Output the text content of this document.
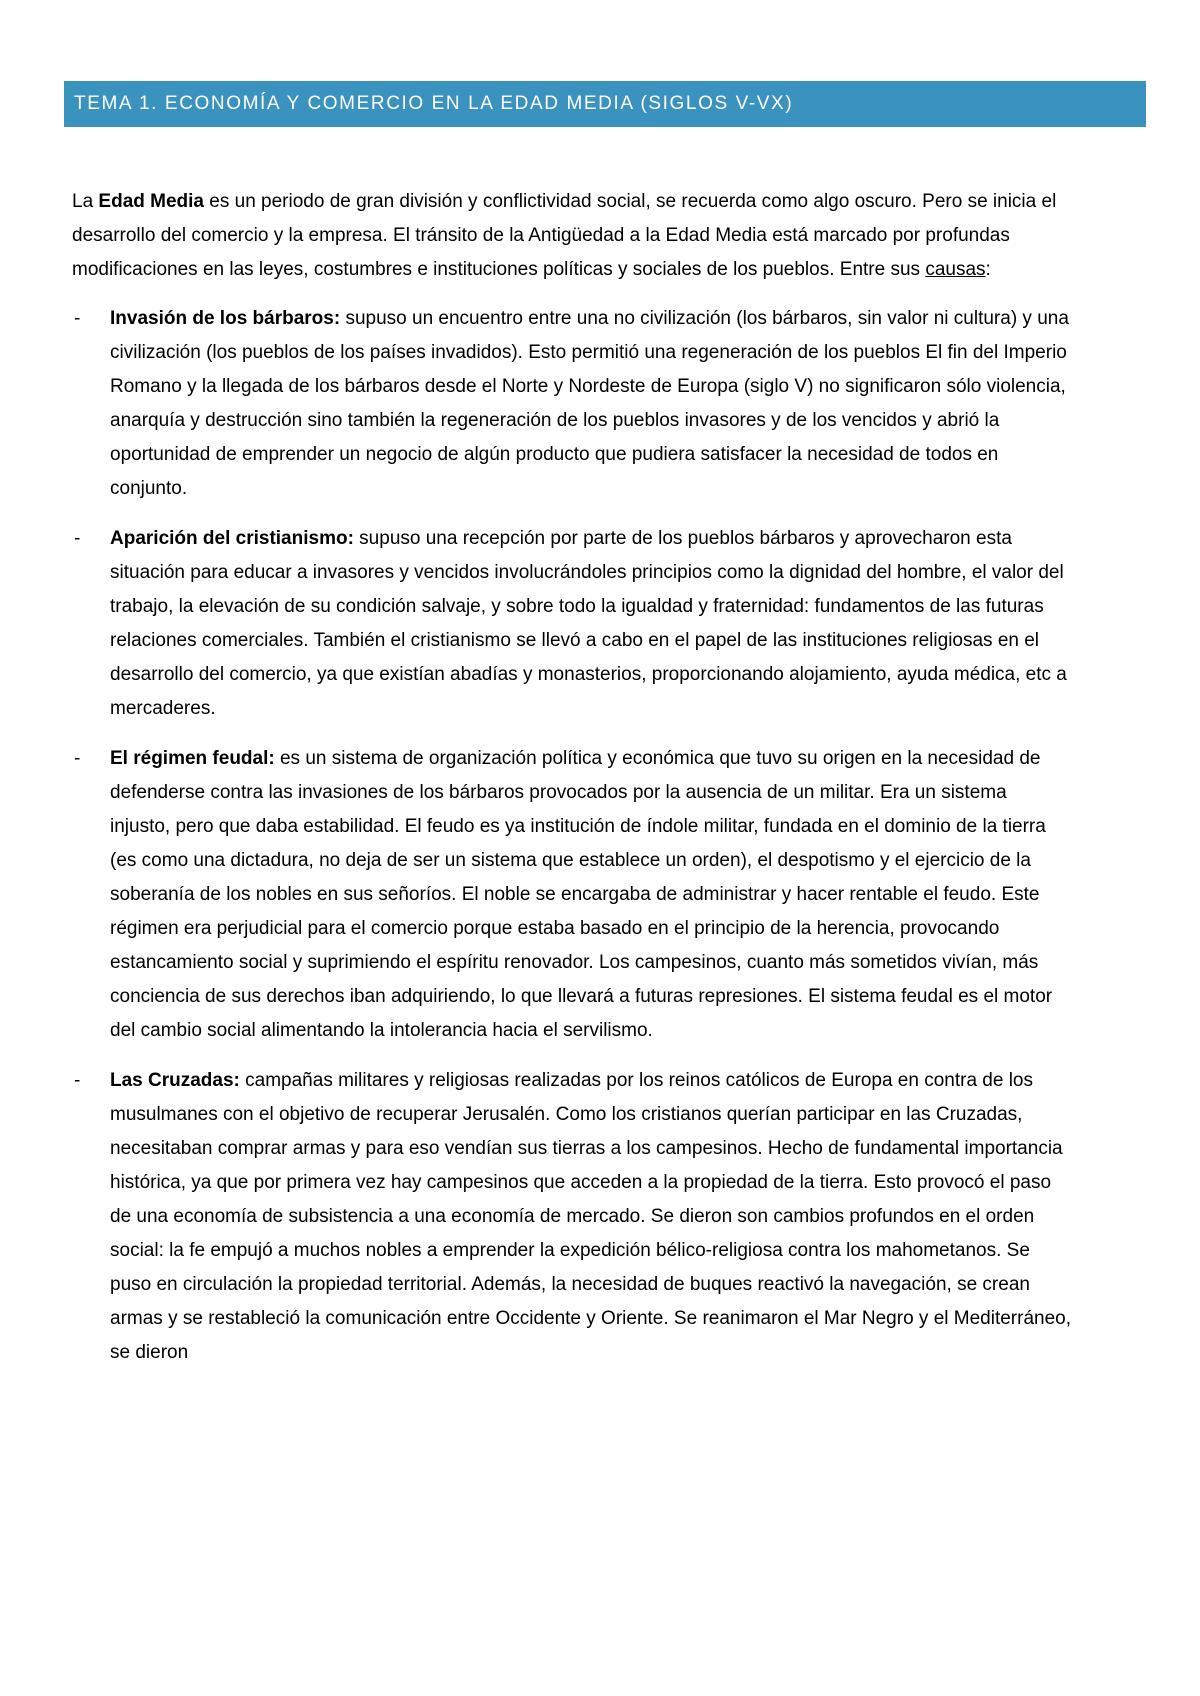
TEMA 1. ECONOMÍA Y COMERCIO EN LA EDAD MEDIA (SIGLOS V-VX)

La Edad Media es un periodo de gran división y conflictividad social, se recuerda como algo oscuro. Pero se inicia el desarrollo del comercio y la empresa. El tránsito de la Antigüedad a la Edad Media está marcado por profundas modificaciones en las leyes, costumbres e instituciones políticas y sociales de los pueblos. Entre sus causas:

- Invasión de los bárbaros: supuso un encuentro entre una no civilización (los bárbaros, sin valor ni cultura) y una civilización (los pueblos de los países invadidos). Esto permitió una regeneración de los pueblos El fin del Imperio Romano y la llegada de los bárbaros desde el Norte y Nordeste de Europa (siglo V) no significaron sólo violencia, anarquía y destrucción sino también la regeneración de los pueblos invasores y de los vencidos y abrió la oportunidad de emprender un negocio de algún producto que pudiera satisfacer la necesidad de todos en conjunto.
- Aparición del cristianismo: supuso una recepción por parte de los pueblos bárbaros y aprovecharon esta situación para educar a invasores y vencidos involucrándoles principios como la dignidad del hombre, el valor del trabajo, la elevación de su condición salvaje, y sobre todo la igualdad y fraternidad: fundamentos de las futuras relaciones comerciales. También el cristianismo se llevó a cabo en el papel de las instituciones religiosas en el desarrollo del comercio, ya que existían abadías y monasterios, proporcionando alojamiento, ayuda médica, etc a mercaderes.
- El régimen feudal: es un sistema de organización política y económica que tuvo su origen en la necesidad de defenderse contra las invasiones de los bárbaros provocados por la ausencia de un militar. Era un sistema injusto, pero que daba estabilidad. El feudo es ya institución de índole militar, fundada en el dominio de la tierra (es como una dictadura, no deja de ser un sistema que establece un orden), el despotismo y el ejercicio de la soberanía de los nobles en sus señoríos. El noble se encargaba de administrar y hacer rentable el feudo. Este régimen era perjudicial para el comercio porque estaba basado en el principio de la herencia, provocando estancamiento social y suprimiendo el espíritu renovador. Los campesinos, cuanto más sometidos vivían, más conciencia de sus derechos iban adquiriendo, lo que llevará a futuras represiones. El sistema feudal es el motor del cambio social alimentando la intolerancia hacia el servilismo.
- Las Cruzadas: campañas militares y religiosas realizadas por los reinos católicos de Europa en contra de los musulmanes con el objetivo de recuperar Jerusalén. Como los cristianos querían participar en las Cruzadas, necesitaban comprar armas y para eso vendían sus tierras a los campesinos. Hecho de fundamental importancia histórica, ya que por primera vez hay campesinos que acceden a la propiedad de la tierra. Esto provocó el paso de una economía de subsistencia a una economía de mercado. Se dieron son cambios profundos en el orden social: la fe empujó a muchos nobles a emprender la expedición bélico-religiosa contra los mahometanos. Se puso en circulación la propiedad territorial. Además, la necesidad de buques reactivó la navegación, se crean armas y se restableció la comunicación entre Occidente y Oriente. Se reanimaron el Mar Negro y el Mediterráneo, se dieron
